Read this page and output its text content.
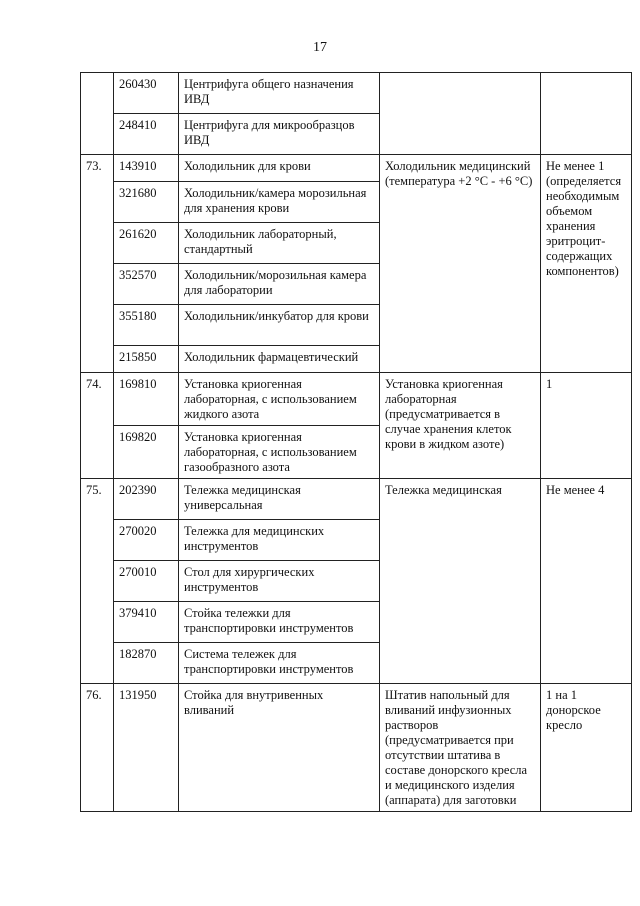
17
	260430	Центрифуга общего назначения ИВД		
	248410	Центрифуга для микрообразцов ИВД		
73.	143910	Холодильник для крови	Холодильник медицинский (температура +2 °С - +6 °С)	Не менее 1 (определяется необходимым объемом хранения эритроцит-содержащих компонентов)
	321680	Холодильник/камера морозильная для хранения крови		
	261620	Холодильник лабораторный, стандартный		
	352570	Холодильник/морозильная камера для лаборатории		
	355180	Холодильник/инкубатор для крови		
	215850	Холодильник фармацевтический		
74.	169810	Установка криогенная лабораторная, с использованием жидкого азота	Установка криогенная лабораторная (предусматривается в случае хранения клеток крови в жидком азоте)	1
	169820	Установка криогенная лабораторная, с использованием газообразного азота		
75.	202390	Тележка медицинская универсальная	Тележка медицинская	Не менее 4
	270020	Тележка для медицинских инструментов		
	270010	Стол для хирургических инструментов		
	379410	Стойка тележки для транспортировки инструментов		
	182870	Система тележек для транспортировки инструментов		
76.	131950	Стойка для внутривенных вливаний	Штатив напольный для вливаний инфузионных растворов (предусматривается при отсутствии штатива в составе донорского кресла и медицинского изделия (аппарата) для заготовки	1 на 1 донорское кресло
